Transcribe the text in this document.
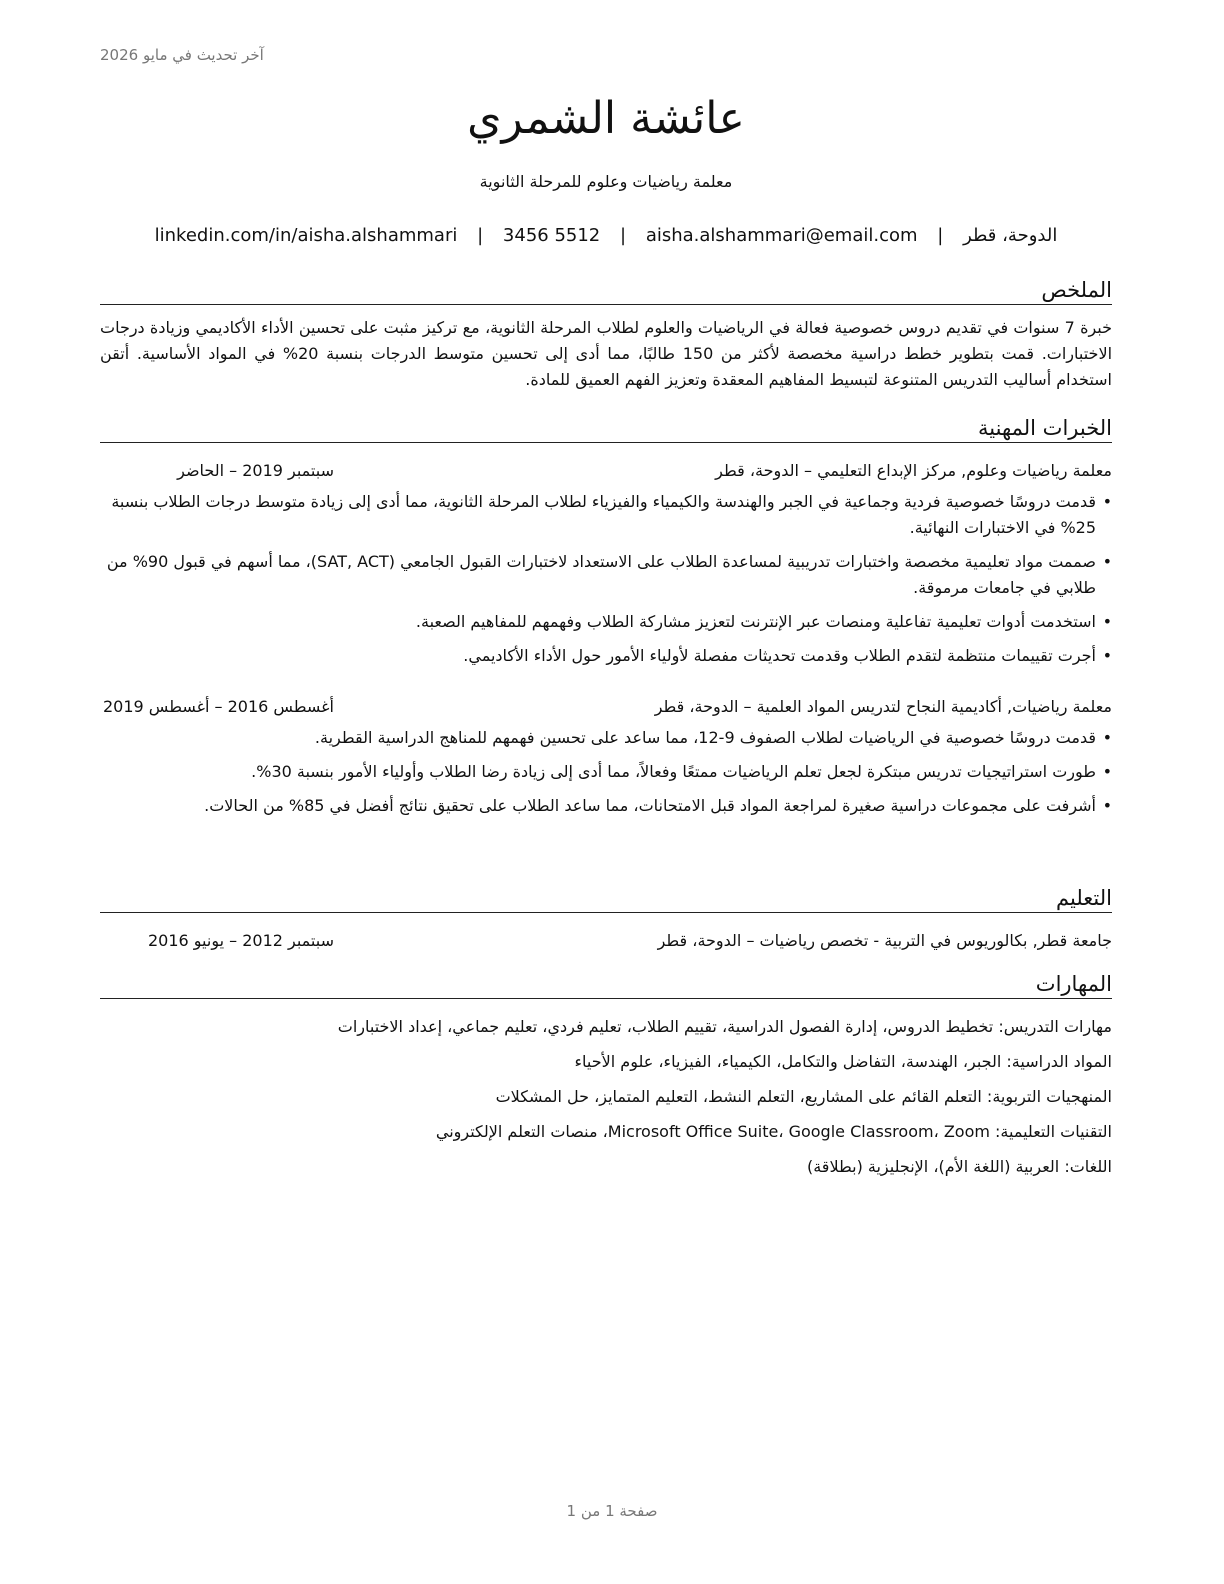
آخر تحديث في مايو 2026
عائشة الشمري
معلمة رياضيات وعلوم للمرحلة الثانوية
الدوحة، قطر | aisha.alshammari@email.com | 3456 5512 | linkedin.com/in/aisha.alshammari
الملخص

خبرة 7 سنوات في تقديم دروس خصوصية فعالة في الرياضيات والعلوم لطلاب المرحلة الثانوية، مع تركيز مثبت على تحسين الأداء الأكاديمي وزيادة درجات الاختبارات. قمت بتطوير خطط دراسية مخصصة لأكثر من 150 طالبًا، مما أدى إلى تحسين متوسط الدرجات بنسبة 20% في المواد الأساسية. أتقن استخدام أساليب التدريس المتنوعة لتبسيط المفاهيم المعقدة وتعزيز الفهم العميق للمادة.

الخبرات المهنية
معلمة رياضيات وعلوم, مركز الإبداع التعليمي – الدوحة، قطر
سبتمبر 2019 – الحاضر
• قدمت دروسًا خصوصية فردية وجماعية في الجبر والهندسة والكيمياء والفيزياء لطلاب المرحلة الثانوية، مما أدى إلى زيادة متوسط درجات الطلاب بنسبة 25% في الاختبارات النهائية.
• صممت مواد تعليمية مخصصة واختبارات تدريبية لمساعدة الطلاب على الاستعداد لاختبارات القبول الجامعي (SAT, ACT)، مما أسهم في قبول 90% من طلابي في جامعات مرموقة.
• استخدمت أدوات تعليمية تفاعلية ومنصات عبر الإنترنت لتعزيز مشاركة الطلاب وفهمهم للمفاهيم الصعبة.
• أجرت تقييمات منتظمة لتقدم الطلاب وقدمت تحديثات مفصلة لأولياء الأمور حول الأداء الأكاديمي.
معلمة رياضيات, أكاديمية النجاح لتدريس المواد العلمية – الدوحة، قطر
أغسطس 2016 – أغسطس 2019
• قدمت دروسًا خصوصية في الرياضيات لطلاب الصفوف 9-12، مما ساعد على تحسين فهمهم للمناهج الدراسية القطرية.
• طورت استراتيجيات تدريس مبتكرة لجعل تعلم الرياضيات ممتعًا وفعالاً، مما أدى إلى زيادة رضا الطلاب وأولياء الأمور بنسبة 30%.
• أشرفت على مجموعات دراسية صغيرة لمراجعة المواد قبل الامتحانات، مما ساعد الطلاب على تحقيق نتائج أفضل في 85% من الحالات.
التعليم
جامعة قطر, بكالوريوس في التربية - تخصص رياضيات – الدوحة، قطر
سبتمبر 2012 – يونيو 2016
المهارات

مهارات التدريس: تخطيط الدروس، إدارة الفصول الدراسية، تقييم الطلاب، تعليم فردي، تعليم جماعي، إعداد الاختبارات

المواد الدراسية: الجبر، الهندسة، التفاضل والتكامل، الكيمياء، الفيزياء، علوم الأحياء

المنهجيات التربوية: التعلم القائم على المشاريع، التعلم النشط، التعليم المتمايز، حل المشكلات

التقنيات التعليمية: Microsoft Office Suite، Google Classroom، Zoom، منصات التعلم الإلكتروني

اللغات: العربية (اللغة الأم)، الإنجليزية (بطلاقة)

صفحة 1 من 1
